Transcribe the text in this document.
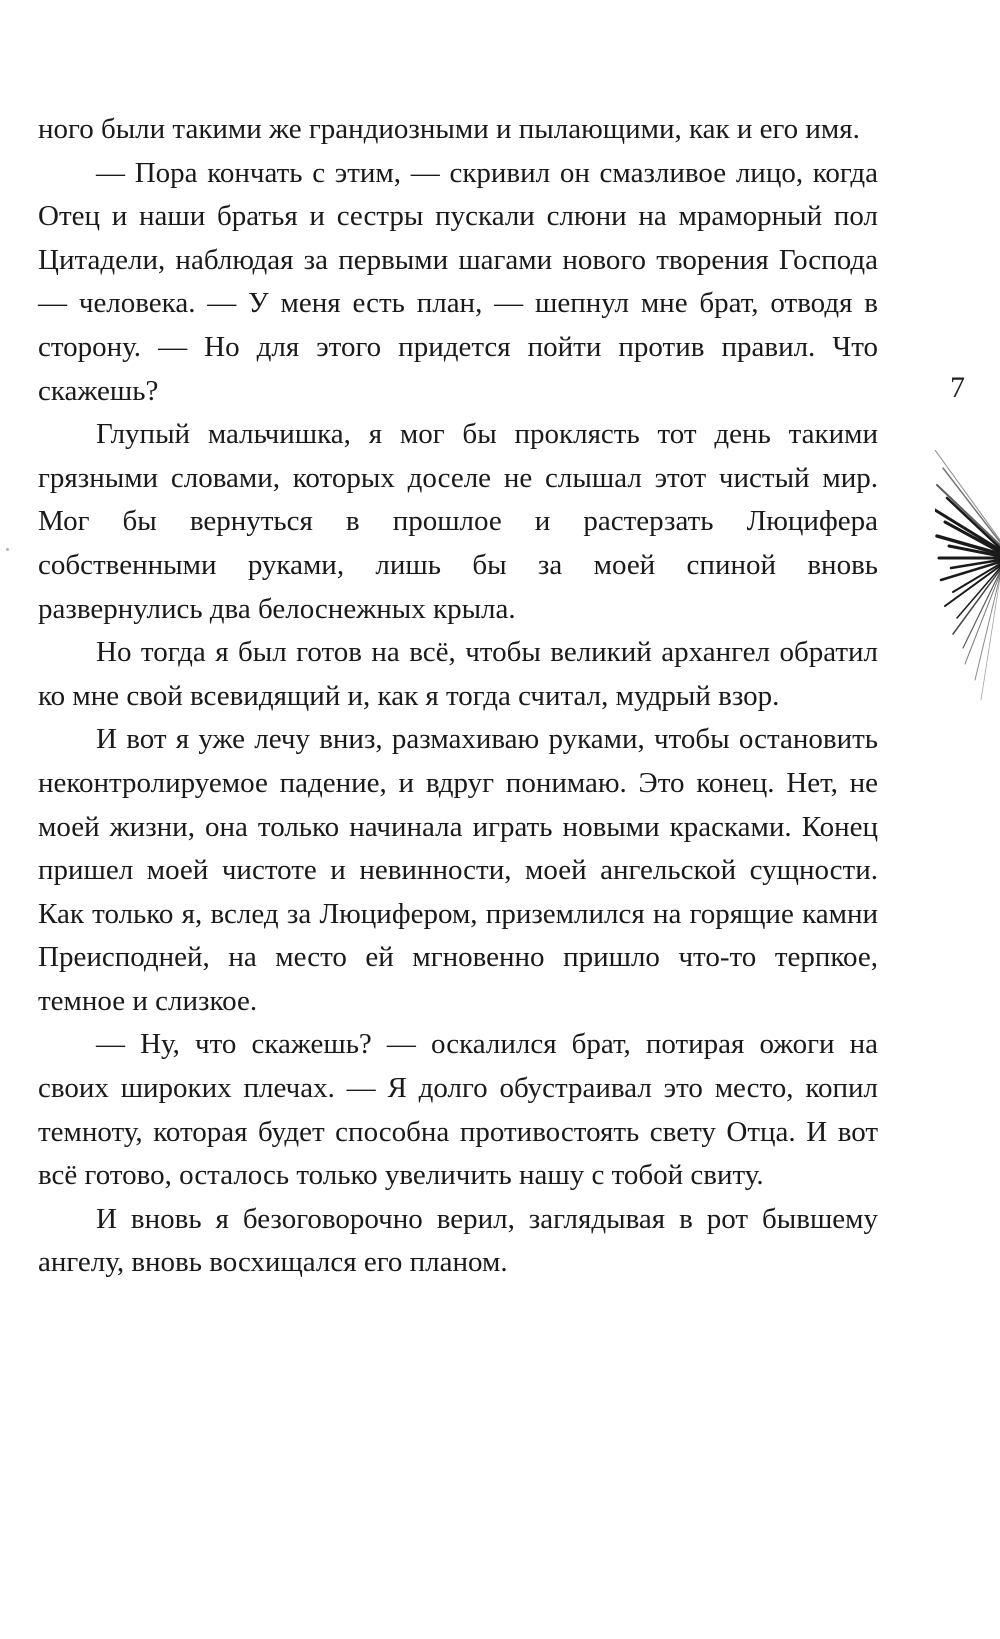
ного были такими же грандиозными и пылающими, как и его имя.

— Пора кончать с этим, — скривил он смазливое лицо, когда Отец и наши братья и сестры пускали слюни на мраморный пол Цитадели, наблюдая за первыми шагами нового творения Господа — человека. — У меня есть план, — шепнул мне брат, отводя в сторону. — Но для этого придется пойти против правил. Что скажешь?

Глупый мальчишка, я мог бы проклясть тот день такими грязными словами, которых доселе не слышал этот чистый мир. Мог бы вернуться в прошлое и растерзать Люцифера собственными руками, лишь бы за моей спиной вновь развернулись два белоснежных крыла.

Но тогда я был готов на всё, чтобы великий архангел обратил ко мне свой всевидящий и, как я тогда считал, мудрый взор.

И вот я уже лечу вниз, размахиваю руками, чтобы остановить неконтролируемое падение, и вдруг понимаю. Это конец. Нет, не моей жизни, она только начинала играть новыми красками. Конец пришел моей чистоте и невинности, моей ангельской сущности. Как только я, вслед за Люцифером, приземлился на горящие камни Преисподней, на место ей мгновенно пришло что-то терпкое, темное и слизкое.

— Ну, что скажешь? — оскалился брат, потирая ожоги на своих широких плечах. — Я долго обустраивал это место, копил темноту, которая будет способна противостоять свету Отца. И вот всё готово, осталось только увеличить нашу с тобой свиту.

И вновь я безоговорочно верил, заглядывая в рот бывшему ангелу, вновь восхищался его планом.

7
